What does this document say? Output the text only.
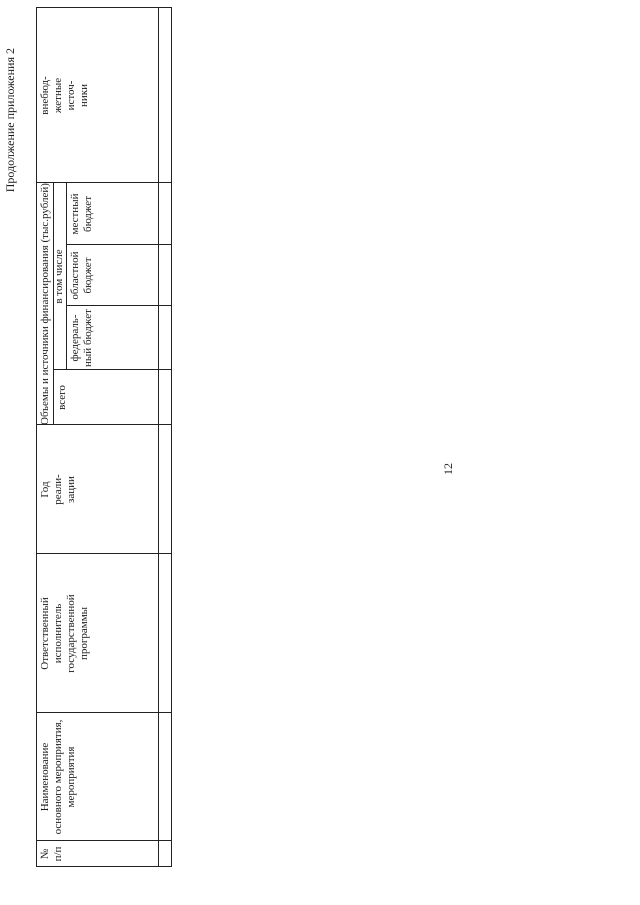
12
Продолжение приложения 2
№
п/п
Наименование
основного мероприятия,
мероприятия
Ответственный
исполнитель
государственной
программы
Год
реали-
зации
Объемы и источники финансирования (тыс.рублей) всего
в том числе
федераль-
ный бюджет
областной
бюджет
местный
бюджет
внебюд-
жетные
источ-
ники
